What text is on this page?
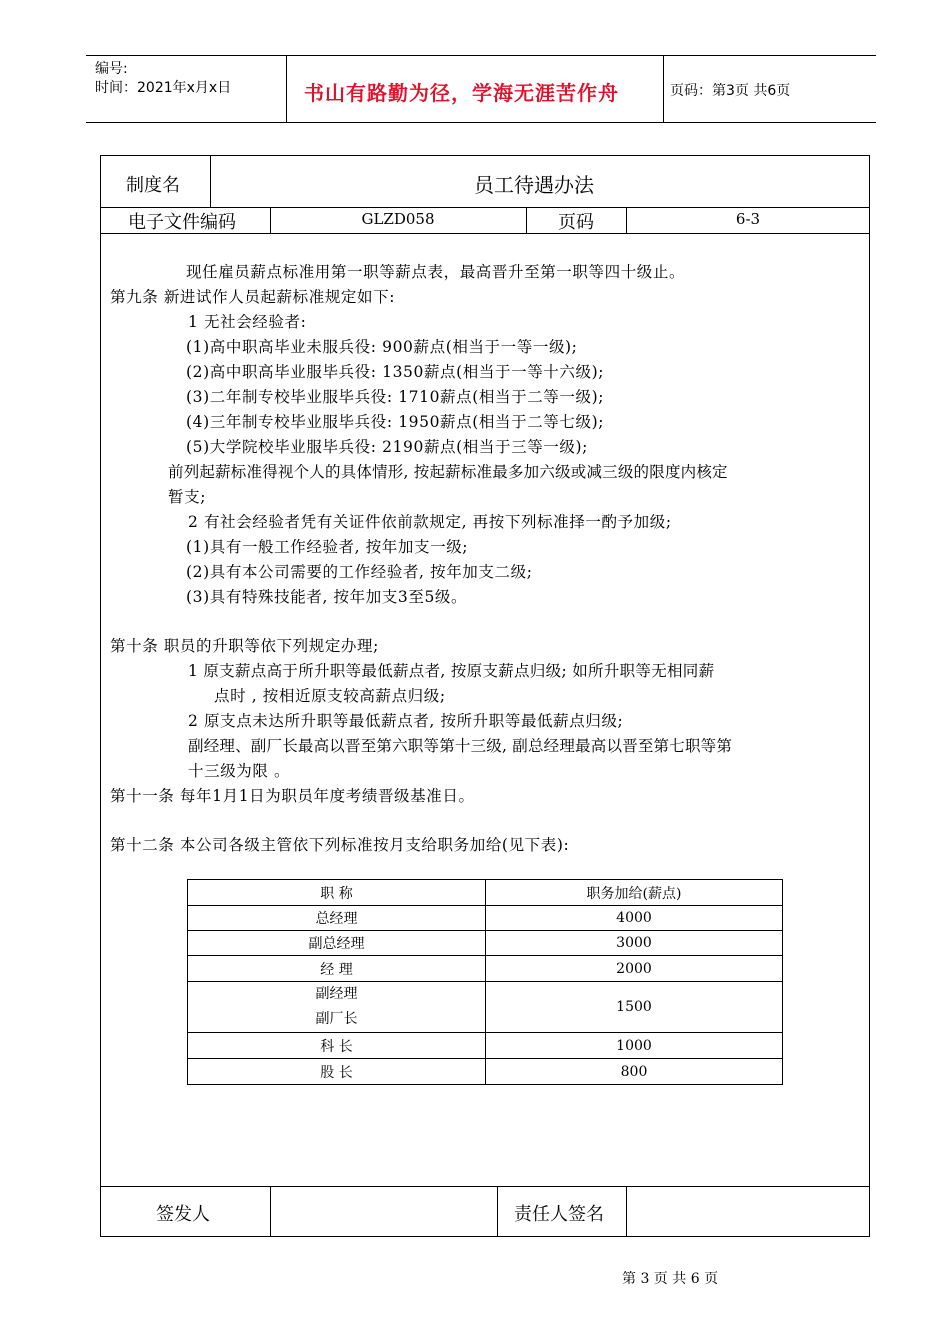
编号:
时间：2021年x月x日	书山有路勤为径，学海无涯苦作舟	页码：第3页 共6页
制度名	员工待遇办法
电子文件编码	GLZD058	页码	6-3
签发人	责任人签名
现任雇员薪点标准用第一职等薪点表，最高晋升至第一职等四十级止。
第九条 新进试作人员起薪标准规定如下:
1 无社会经验者:
(1)高中职高毕业未服兵役: 900薪点(相当于一等一级);
(2)高中职高毕业服毕兵役: 1350薪点(相当于一等十六级);
(3)二年制专校毕业服毕兵役: 1710薪点(相当于二等一级);
(4)三年制专校毕业服毕兵役: 1950薪点(相当于二等七级);
(5)大学院校毕业服毕兵役: 2190薪点(相当于三等一级);
前列起薪标准得视个人的具体情形, 按起薪标准最多加六级或减三级的限度内核定
暂支;
2 有社会经验者凭有关证件依前款规定, 再按下列标准择一酌予加级;
(1)具有一般工作经验者, 按年加支一级;
(2)具有本公司需要的工作经验者, 按年加支二级;
(3)具有特殊技能者, 按年加支3至5级。
第十条 职员的升职等依下列规定办理;
1 原支薪点高于所升职等最低薪点者, 按原支薪点归级; 如所升职等无相同薪
点时 , 按相近原支较高薪点归级;
2 原支点未达所升职等最低薪点者, 按所升职等最低薪点归级;
副经理、副厂长最高以晋至第六职等第十三级, 副总经理最高以晋至第七职等第
十三级为限 。
第十一条 每年1月1日为职员年度考绩晋级基准日。
第十二条 本公司各级主管依下列标准按月支给职务加给(见下表):
职 称	职务加给(薪点)
总经理	4000
副总经理	3000
经 理	2000

副经理
副厂长	1500
科 长	1000
股 长	800
第 3 页 共 6 页
